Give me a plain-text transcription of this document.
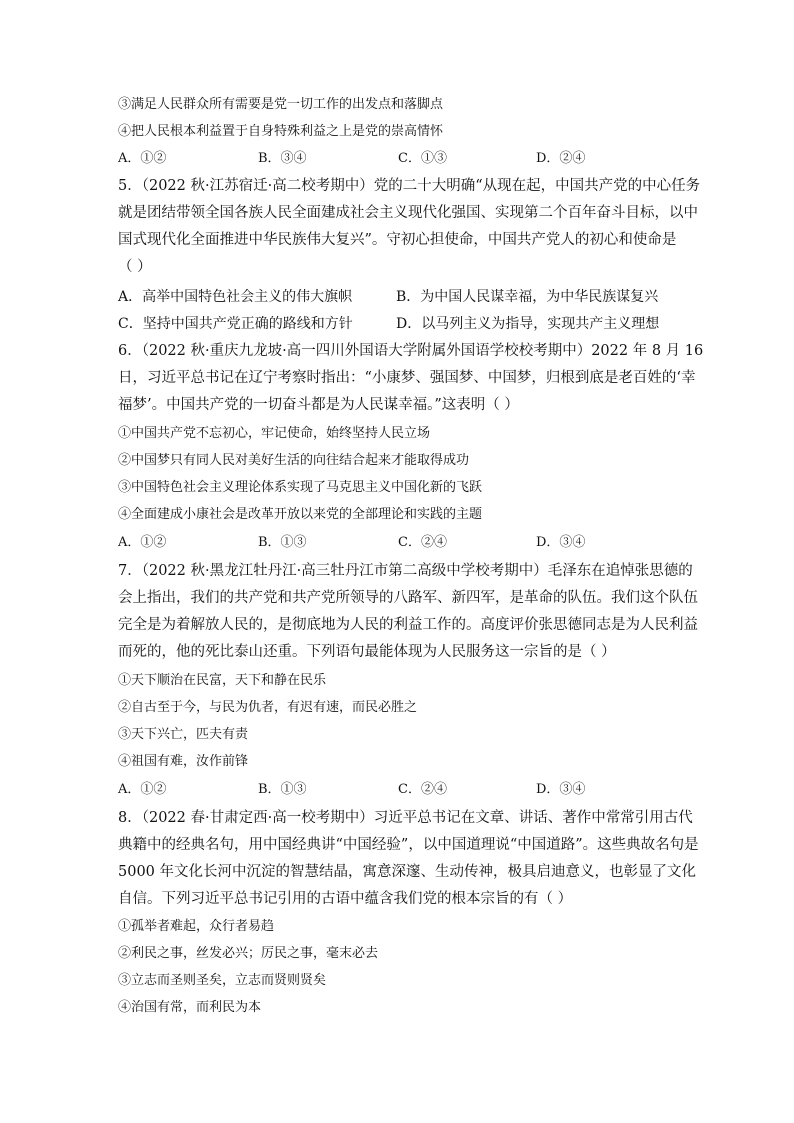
③满足人民群众所有需要是党一切工作的出发点和落脚点
④把人民根本利益置于自身特殊利益之上是党的崇高情怀
A．①②	B．③④	C．①③	D．②④
5．（2022 秋·江苏宿迁·高二校考期中）党的二十大明确“从现在起，中国共产党的中心任务
就是团结带领全国各族人民全面建成社会主义现代化强国、实现第二个百年奋斗目标，以中
国式现代化全面推进中华民族伟大复兴”。守初心担使命，中国共产党人的初心和使命是
（ ）
A．高举中国特色社会主义的伟大旗帜	B．为中国人民谋幸福，为中华民族谋复兴
C．坚持中国共产党正确的路线和方针	D．以马列主义为指导，实现共产主义理想
6．（2022 秋·重庆九龙坡·高一四川外国语大学附属外国语学校校考期中）2022 年 8 月 16
日，习近平总书记在辽宁考察时指出：“小康梦、强国梦、中国梦，归根到底是老百姓的‘幸
福梦’。中国共产党的一切奋斗都是为人民谋幸福。”这表明（ ）
①中国共产党不忘初心，牢记使命，始终坚持人民立场
②中国梦只有同人民对美好生活的向往结合起来才能取得成功
③中国特色社会主义理论体系实现了马克思主义中国化新的飞跃
④全面建成小康社会是改革开放以来党的全部理论和实践的主题
A．①②	B．①③	C．②④	D．③④
7．（2022 秋·黑龙江牡丹江·高三牡丹江市第二高级中学校考期中）毛泽东在追悼张思德的
会上指出，我们的共产党和共产党所领导的八路军、新四军，是革命的队伍。我们这个队伍
完全是为着解放人民的，是彻底地为人民的利益工作的。高度评价张思德同志是为人民利益
而死的，他的死比泰山还重。下列语句最能体现为人民服务这一宗旨的是（ ）
①天下顺治在民富，天下和静在民乐
②自古至于今，与民为仇者，有迟有速，而民必胜之
③天下兴亡，匹夫有责
④祖国有难，汝作前锋
A．①②	B．①③	C．②④	D．③④
8．（2022 春·甘肃定西·高一校考期中）习近平总书记在文章、讲话、著作中常常引用古代
典籍中的经典名句，用中国经典讲“中国经验”，以中国道理说“中国道路”。这些典故名句是
5000 年文化长河中沉淀的智慧结晶，寓意深邃、生动传神，极具启迪意义，也彰显了文化
自信。下列习近平总书记引用的古语中蕴含我们党的根本宗旨的有（ ）
①孤举者难起，众行者易趋
②利民之事，丝发必兴；厉民之事，毫末必去
③立志而圣则圣矣，立志而贤则贤矣
④治国有常，而利民为本
